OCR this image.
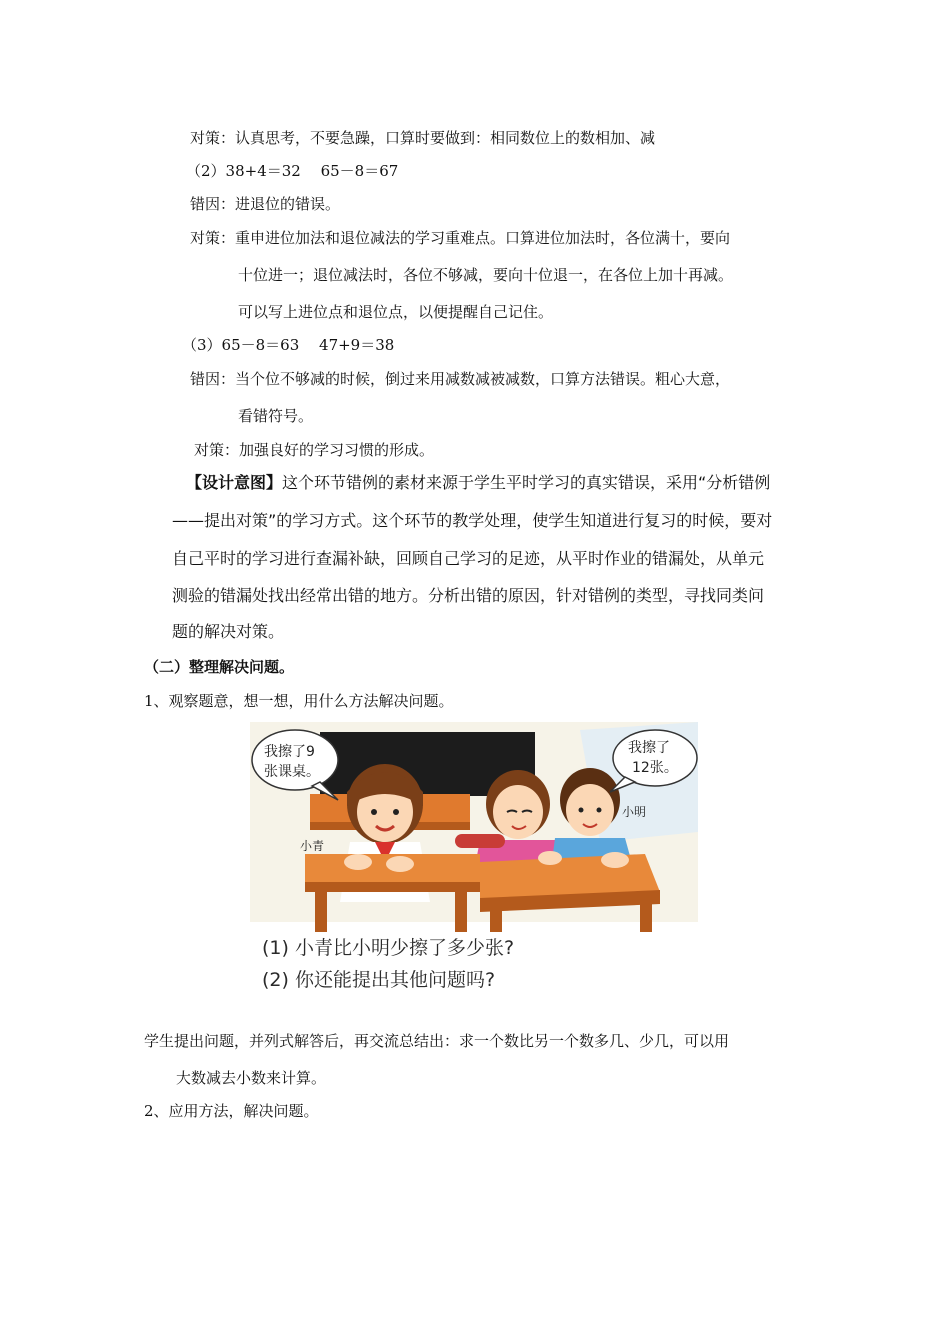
对策：认真思考，不要急躁，口算时要做到：相同数位上的数相加、减
（2）38+4＝32　 65－8＝67
错因：进退位的错误。
对策：重申进位加法和退位减法的学习重难点。口算进位加法时，各位满十，要向
十位进一；退位减法时，各位不够减，要向十位退一，在各位上加十再减。
可以写上进位点和退位点，以便提醒自己记住。
（3）65－8＝63　 47+9＝38
错因：当个位不够减的时候，倒过来用减数减被减数，口算方法错误。粗心大意，
看错符号。
对策：加强良好的学习习惯的形成。
【设计意图】这个环节错例的素材来源于学生平时学习的真实错误，采用“分析错例
——提出对策”的学习方式。这个环节的教学处理，使学生知道进行复习的时候，要对
自己平时的学习进行查漏补缺，回顾自己学习的足迹，从平时作业的错漏处，从单元
测验的错漏处找出经常出错的地方。分析出错的原因，针对错例的类型，寻找同类问
题的解决对策。
（二）整理解决问题。
1、观察题意，想一想，用什么方法解决问题。
我擦了9
张课桌。
我擦了
12张。
小青
小明
(1) 小青比小明少擦了多少张?
(2) 你还能提出其他问题吗?
学生提出问题，并列式解答后，再交流总结出：求一个数比另一个数多几、少几，可以用
大数减去小数来计算。
2、应用方法，解决问题。
